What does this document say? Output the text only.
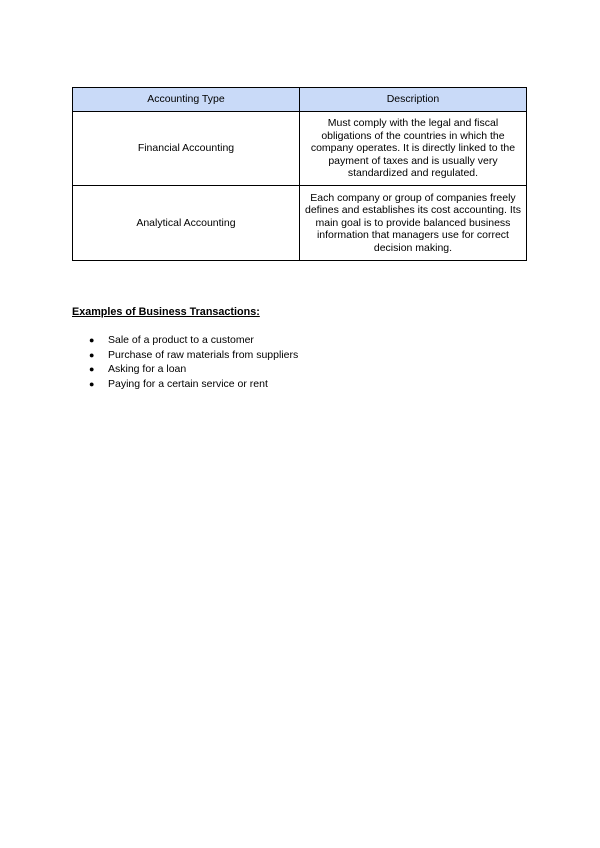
Accounting Type	Description
Financial Accounting	Must comply with the legal and fiscal obligations of the countries in which the company operates. It is directly linked to the payment of taxes and is usually very standardized and regulated.
Analytical Accounting	Each company or group of companies freely defines and establishes its cost accounting. Its main goal is to provide balanced business information that managers use for correct decision making.

Examples of Business Transactions:

● Sale of a product to a customer
● Purchase of raw materials from suppliers
● Asking for a loan
● Paying for a certain service or rent
